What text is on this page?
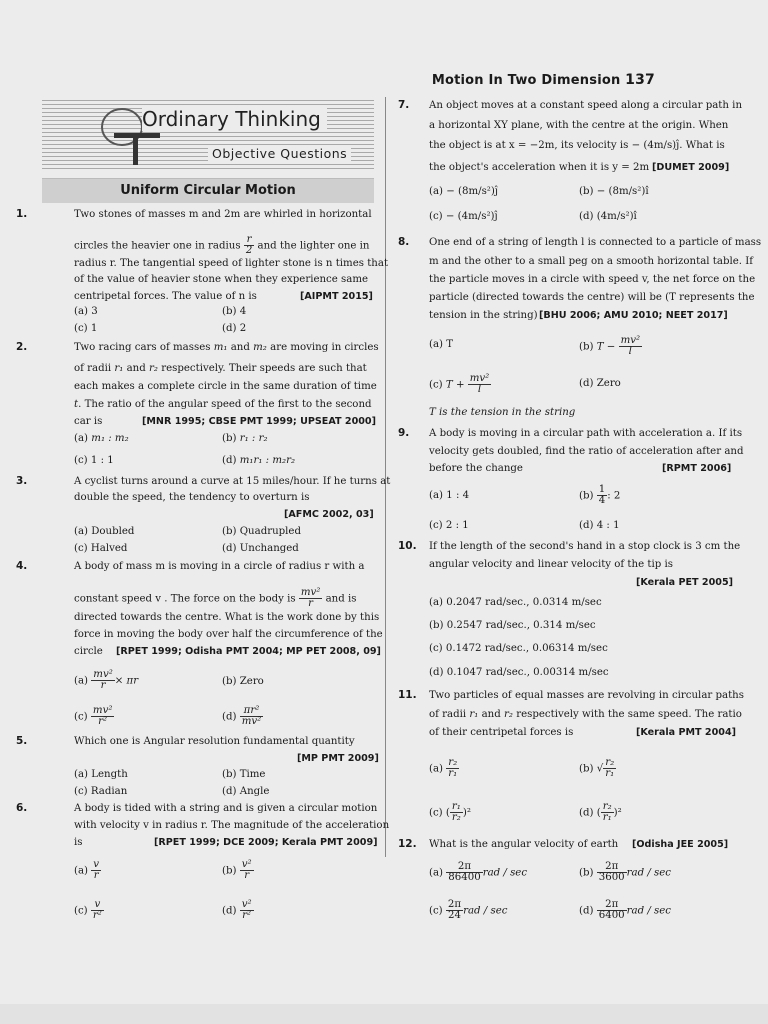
Motion In Two Dimension 137
Ordinary Thinking
Objective Questions
Uniform Circular Motion
1.	Two stones of masses m and 2m are whirled in horizontal
circles the heavier one in radius $\frac{r}{2}$ and the lighter one in
radius r. The tangential speed of lighter stone is n times that
of the value of heavier stone when they experience same
centripetal forces. The value of n is	[AIPMT 2015]
(a) 3	(b) 4
(c) 1	(d) 2
2.	Two racing cars of masses m₁ and m₂ are moving in circles
of radii r₁ and r₂ respectively. Their speeds are such that
each makes a complete circle in the same duration of time
t. The ratio of the angular speed of the first to the second
car is	[MNR 1995; CBSE PMT 1999; UPSEAT 2000]
(a) m₁ : m₂	(b) r₁ : r₂
(c) 1 : 1	(d) m₁r₁ : m₂r₂
3.	A cyclist turns around a curve at 15 miles/hour. If he turns at
double the speed, the tendency to overturn is
[AFMC 2002, 03]
(a) Doubled	(b) Quadrupled
(c) Halved	(d) Unchanged
4.	A body of mass m is moving in a circle of radius r with a
constant speed v . The force on the body is $\frac{\text{mv²}}{r}$ and is
directed towards the centre. What is the work done by this
force in moving the body over half the circumference of the
circle [RPET 1999; Odisha PMT 2004; MP PET 2008, 09]
$(a) \frac{\text{mv²}}{r} \times \pi r$	(b) Zero
$(c) \frac{\text{mv²}}{\text{r²}}$	$(d) \frac{\text{πr²}}{\text{mv²}}$
5.	Which one is Angular resolution fundamental quantity
[MP PMT 2009]
(a) Length	(b) Time
(c) Radian	(d) Angle
6.	A body is tided with a string and is given a circular motion
with velocity v in radius r. The magnitude of the acceleration
is	[RPET 1999; DCE 2009; Kerala PMT 2009]
$(a) \frac{v}{r}$	$(b) \frac{\text{v²}}{r}$
$(c) \frac{v}{\text{r²}}$	$(d) \frac{\text{v²}}{\text{r²}}$
7. An object moves at a constant speed along a circular path in
a horizontal XY plane, with the centre at the origin. When
the object is at x = −2m, its velocity is − (4m/s)ĵ. What is
the object's acceleration when it is y = 2m [DUMET 2009]
(a) − (8m/s²)ĵ	(b) − (8m/s²)î
(c) − (4m/s²)ĵ	(d) (4m/s²)î
8. One end of a string of length l is connected to a particle of mass
m and the other to a small peg on a smooth horizontal table. If
the particle moves in a circle with speed v, the net force on the
particle (directed towards the centre) will be (T represents the
tension in the string) [BHU 2006; AMU 2010; NEET 2017]
(a) T	(b) $T - \frac{\text{mv²}}{l}$
(c) $T + \frac{\text{mv²}}{l}$	(d) Zero
T is the tension in the string
9. A body is moving in a circular path with acceleration a. If its
velocity gets doubled, find the ratio of acceleration after and
before the change	[RPMT 2006]
(a) 1 : 4	$(b) \frac{1}{4}$ : 2
(c) 2 : 1	(d) 4 : 1
10. If the length of the second's hand in a stop clock is 3 cm the
angular velocity and linear velocity of the tip is
[Kerala PET 2005]
(a) 0.2047 rad/sec., 0.0314 m/sec
(b) 0.2547 rad/sec., 0.314 m/sec
(c) 0.1472 rad/sec., 0.06314 m/sec
(d) 0.1047 rad/sec., 0.00314 m/sec
11. Two particles of equal masses are revolving in circular paths
of radii r₁ and r₂ respectively with the same speed. The ratio
of their centripetal forces is	[Kerala PMT 2004]
$(a) \frac{\text{r₂}}{\text{r₁}}$	(b) √ $\frac{\text{r₂}}{\text{r₁}}$
(c) ( $\frac{\text{r₁}}{\text{r₂}} )^2$	(d) ( $\frac{\text{r₂}}{\text{r₁}} )^2$
12. What is the angular velocity of earth [Odisha JEE 2005]
$(a) \frac{2\pi}{86400}$ rad / sec	$(b) \frac{2\pi}{3600}$ rad / sec
$(c) \frac{2\pi}{24}$ rad / sec	$(d) \frac{2\pi}{6400}$ rad / sec
